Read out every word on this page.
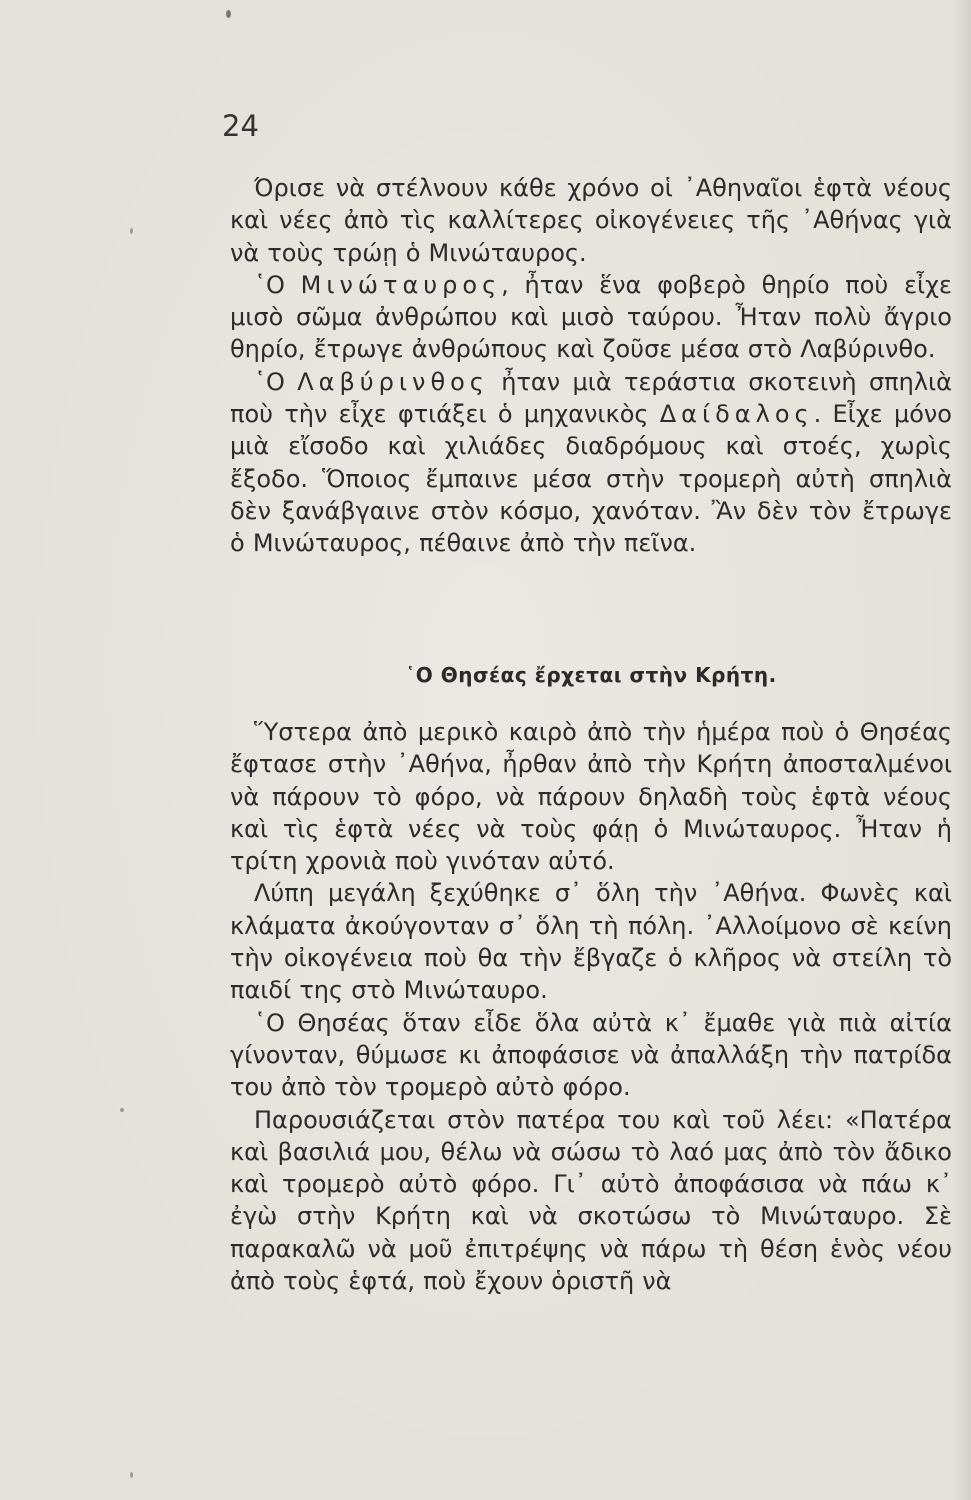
24

Όρισε νὰ στέλνουν κάθε χρόνο οἱ ᾿Αθηναῖοι ἑφτὰ νέους καὶ νέες ἀπὸ τὶς καλλίτερες οἰκογένειες τῆς ᾿Αθήνας γιὰ νὰ τοὺς τρώῃ ὁ Μινώταυρος.

῾Ο Μινώταυρος, ἦταν ἕνα φοβερὸ θηρίο ποὺ εἶχε μισὸ σῶμα ἀνθρώπου καὶ μισὸ ταύρου. Ἦταν πολὺ ἄγριο θηρίο, ἔτρωγε ἀνθρώπους καὶ ζοῦσε μέσα στὸ Λαβύρινθο.

῾Ο Λαβύρινθος ἦταν μιὰ τεράστια σκοτεινὴ σπηλιὰ ποὺ τὴν εἶχε φτιάξει ὁ μηχανικὸς Δαίδαλος. Εἶχε μόνο μιὰ εἴσοδο καὶ χιλιάδες διαδρόμους καὶ στοές, χωρὶς ἔξοδο. Ὅποιος ἔμπαινε μέσα στὴν τρομερὴ αὐτὴ σπηλιὰ δὲν ξανάβγαινε στὸν κόσμο, χανόταν. Ἂν δὲν τὸν ἔτρωγε ὁ Μινώταυρος, πέθαινε ἀπὸ τὴν πεῖνα.

῾Ο Θησέας ἔρχεται στὴν Κρήτη.

Ὕστερα ἀπὸ μερικὸ καιρὸ ἀπὸ τὴν ἡμέρα ποὺ ὁ Θησέας ἔφτασε στὴν ᾿Αθήνα, ἦρθαν ἀπὸ τὴν Κρήτη ἀποσταλμένοι νὰ πάρουν τὸ φόρο, νὰ πάρουν δηλαδὴ τοὺς ἑφτὰ νέους καὶ τὶς ἑφτὰ νέες νὰ τοὺς φάῃ ὁ Μινώταυρος. Ἦταν ἡ τρίτη χρονιὰ ποὺ γινόταν αὐτό.

Λύπη μεγάλη ξεχύθηκε σ᾿ ὅλη τὴν ᾿Αθήνα. Φωνὲς καὶ κλάματα ἀκούγονταν σ᾿ ὅλη τὴ πόλη. ᾿Αλλοίμονο σὲ κείνη τὴν οἰκογένεια ποὺ θα τὴν ἔβγαζε ὁ κλῆρος νὰ στείλη τὸ παιδί της στὸ Μινώταυρο.

῾Ο Θησέας ὅταν εἶδε ὅλα αὐτὰ κ᾿ ἔμαθε γιὰ πιὰ αἰτία γίνονταν, θύμωσε κι ἀποφάσισε νὰ ἀπαλλάξη τὴν πατρίδα του ἀπὸ τὸν τρομερὸ αὐτὸ φόρο.

Παρουσιάζεται στὸν πατέρα του καὶ τοῦ λέει: «Πατέρα καὶ βασιλιά μου, θέλω νὰ σώσω τὸ λαό μας ἀπὸ τὸν ἄδικο καὶ τρομερὸ αὐτὸ φόρο. Γι᾿ αὐτὸ ἀποφάσισα νὰ πάω κ᾿ ἐγὼ στὴν Κρήτη καὶ νὰ σκοτώσω τὸ Μινώταυρο. Σὲ παρακαλῶ νὰ μοῦ ἐπιτρέψης νὰ πάρω τὴ θέση ἑνὸς νέου ἀπὸ τοὺς ἑφτά, ποὺ ἔχουν ὁριστῆ νὰ
